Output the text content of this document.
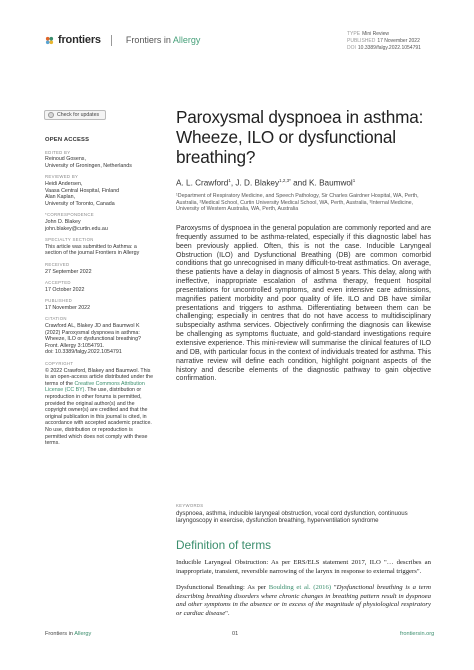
frontiers	Frontiers in Allergy
TYPE Mini Review
PUBLISHED 17 November 2022
DOI 10.3389/falgy.2022.1054791
Check for updates
OPEN ACCESS
EDITED BY
Reinoud Gosens,
University of Groningen, Netherlands
REVIEWED BY
Heidi Andersen,
Vaasa Central Hospital, Finland
Alan Kaplan,
University of Toronto, Canada
*CORRESPONDENCE
John D. Blakey
john.blakey@curtin.edu.au
SPECIALTY SECTION
This article was submitted to Asthma: a section of the journal Frontiers in Allergy
RECEIVED
27 September 2022
ACCEPTED
17 October 2022
PUBLISHED
17 November 2022
CITATION
Crawford AL, Blakey JD and Baumwol K (2022) Paroxysmal dyspnoea in asthma: Wheeze, ILO or dysfunctional breathing?
Front. Allergy 3:1054791.
doi: 10.3389/falgy.2022.1054791
COPYRIGHT
© 2022 Crawford, Blakey and Baumwol. This is an open-access article distributed under the terms of the Creative Commons Attribution License (CC BY). The use, distribution or reproduction in other forums is permitted, provided the original author(s) and the copyright owner(s) are credited and that the original publication in this journal is cited, in accordance with accepted academic practice. No use, distribution or reproduction is permitted which does not comply with these terms.
Paroxysmal dyspnoea in asthma: Wheeze, ILO or dysfunctional breathing?
A. L. Crawford$^1$, J. D. Blakey$^{1,2,3*}$ and K. Baumwol$^1$
¹Department of Respiratory Medicine, and Speech Pathology, Sir Charles Gairdner Hospital, WA, Perth, Australia, ²Medical School, Curtin University Medical School, WA, Perth, Australia, ³Internal Medicine, University of Western Australia, WA, Perth, Australia
Paroxysms of dyspnoea in the general population are commonly reported and are frequently assumed to be asthma-related, especially if this diagnostic label has been previously applied. Often, this is not the case. Inducible Laryngeal Obstruction (ILO) and Dysfunctional Breathing (DB) are common comorbid conditions that go unrecognised in many difficult-to-treat asthmatics. On average, these patients have a delay in diagnosis of almost 5 years. This delay, along with ineffective, inappropriate escalation of asthma therapy, frequent hospital presentations for uncontrolled symptoms, and even intensive care admissions, magnifies patient morbidity and poor quality of life. ILO and DB have similar presentations and triggers to asthma. Differentiating between them can be challenging; especially in centres that do not have access to multidisciplinary subspecialty asthma services. Objectively confirming the diagnosis can likewise be challenging as symptoms fluctuate, and gold-standard investigations require extensive experience. This mini-review will summarise the clinical features of ILO and DB, with particular focus in the context of individuals treated for asthma. This narrative review will define each condition, highlight poignant aspects of the history and describe elements of the diagnostic pathway to gain objective confirmation.
KEYWORDS
dyspnoea, asthma, inducible laryngeal obstruction, vocal cord dysfunction, continuous laryngoscopy in exercise, dysfunction breathing, hyperventilation syndrome
Definition of terms
Inducible Laryngeal Obstruction: As per ERS/ELS statement 2017, ILO "… describes an inappropriate, transient, reversible narrowing of the larynx in response to external triggers".
Dysfunctional Breathing: As per Boulding et al. (2016) "Dysfunctional breathing is a term describing breathing disorders where chronic changes in breathing pattern result in dyspnoea and other symptoms in the absence or in excess of the magnitude of physiological respiratory or cardiac disease".
Frontiers in Allergy	01	frontiersin.org
